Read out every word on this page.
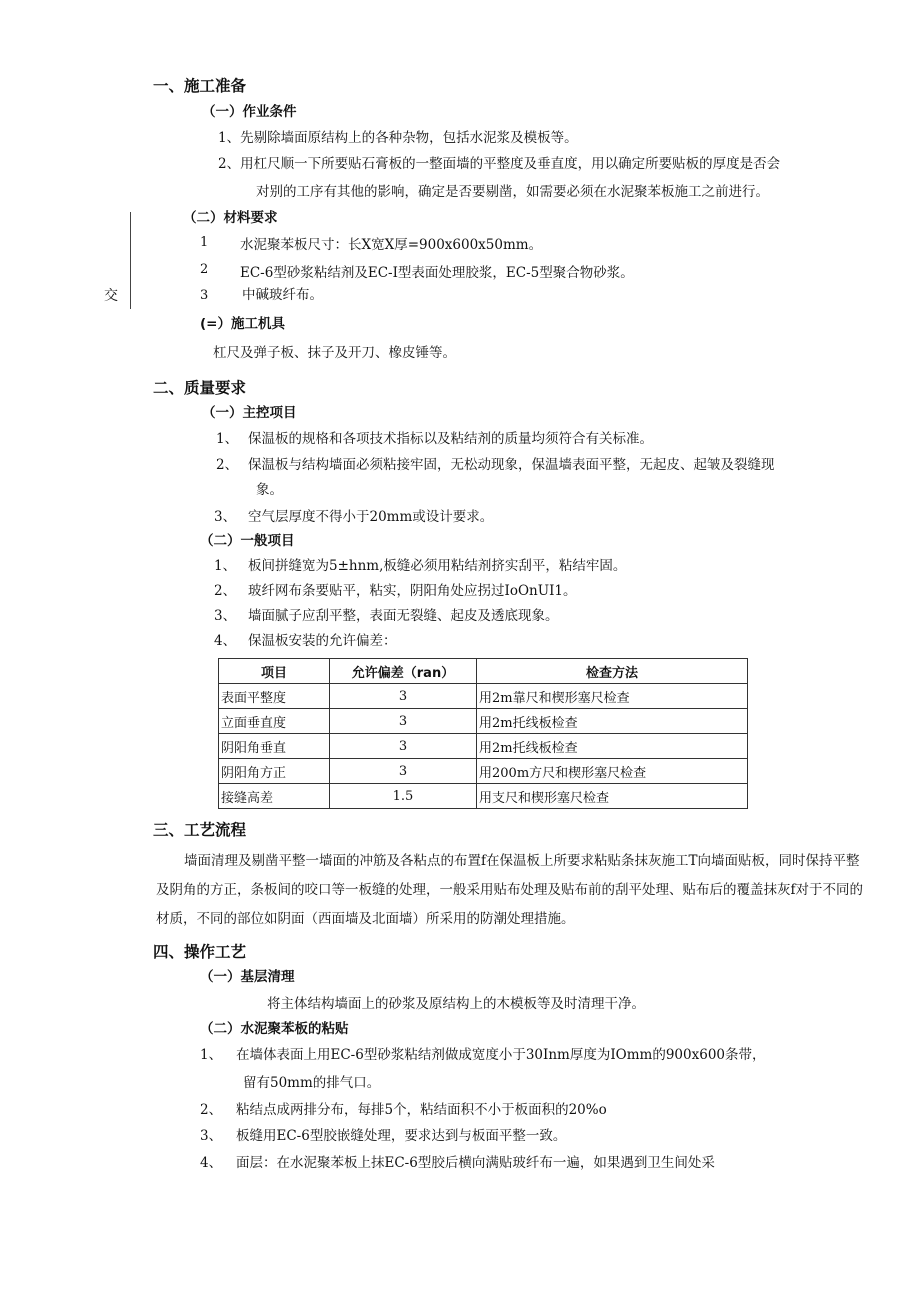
交
一、施工准备
（一）作业条件
1、先剔除墙面原结构上的各种杂物，包括水泥浆及模板等。
2、用杠尺顺一下所要贴石膏板的一整面墙的平整度及垂直度，用以确定所要贴板的厚度是否会
对别的工序有其他的影响，确定是否要剔凿，如需要必须在水泥聚苯板施工之前进行。
（二）材料要求
1 水泥聚苯板尺寸：长X宽X厚=900x600x50mm。
2 EC-6型砂浆粘结剂及EC-I型表面处理胶浆，EC-5型聚合物砂浆。
3 中碱玻纤布。
(=）施工机具
杠尺及弹子板、抹子及开刀、橡皮锤等。
二、质量要求
（一）主控项目
1、 保温板的规格和各项技术指标以及粘结剂的质量均须符合有关标准。
2、 保温板与结构墙面必须粘接牢固，无松动现象，保温墙表面平整，无起皮、起皱及裂缝现
象。
3、 空气层厚度不得小于20mm或设计要求。
（二）一般项目
1、 板间拼缝宽为5±hnm,板缝必须用粘结剂挤实刮平，粘结牢固。
2、 玻纤网布条要贴平，粘实，阴阳角处应拐过IoOnUI1。
3、 墙面腻子应刮平整，表面无裂缝、起皮及透底现象。
4、 保温板安装的允许偏差：
项目	允许偏差（ran）	检查方法
表面平整度	3	用2m靠尺和楔形塞尺检查
立面垂直度	3	用2m托线板检查
阴阳角垂直	3	用2m托线板检查
阴阳角方正	3	用200m方尺和楔形塞尺检查
接缝高差	1.5	用支尺和楔形塞尺检查
三、工艺流程
墙面清理及剔凿平整一墙面的冲筋及各粘点的布置f在保温板上所要求粘贴条抹灰施工T向墙面贴板，同时保持平整及阴角的方正，条板间的咬口等一板缝的处理，一般采用贴布处理及贴布前的刮平处理、贴布后的覆盖抹灰f对于不同的材质，不同的部位如阴面（西面墙及北面墙）所采用的防潮处理措施。
四、操作工艺
（一）基层清理
将主体结构墙面上的砂浆及原结构上的木模板等及时清理干净。
（二）水泥聚苯板的粘贴
1、 在墙体表面上用EC-6型砂浆粘结剂做成宽度小于30Inm厚度为IOmm的900x600条带，
留有50mm的排气口。
2、 粘结点成两排分布，每排5个，粘结面积不小于板面积的20%o
3、 板缝用EC-6型胶嵌缝处理，要求达到与板面平整一致。
4、 面层：在水泥聚苯板上抹EC-6型胶后横向满贴玻纤布一遍，如果遇到卫生间处采
